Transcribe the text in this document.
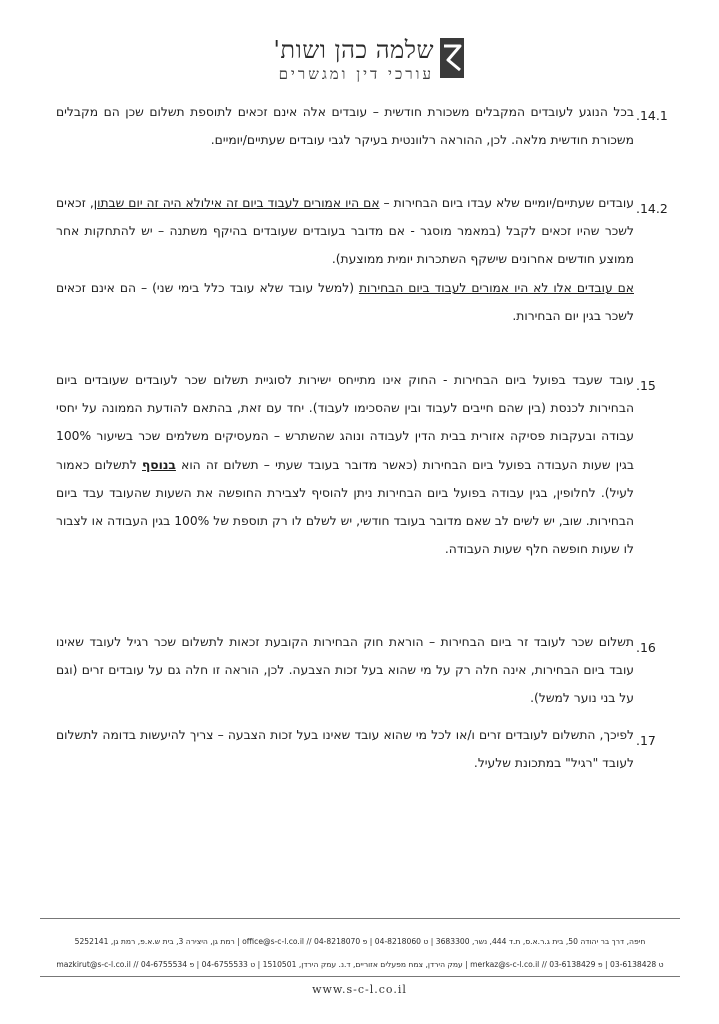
שלמה כהן ושות'
עורכי דין ומגשרים
.14.1

בכל הנוגע לעובדים המקבלים משכורת חודשית – עובדים אלה אינם זכאים לתוספת תשלום שכן הם מקבלים משכורת חודשית מלאה. לכן, ההוראה רלוונטית בעיקר לגבי עובדים שעתיים/יומיים.

.14.2

עובדים שעתיים/יומיים שלא עבדו ביום הבחירות – אם היו אמורים לעבוד ביום זה אילולא היה זה יום שבתון, זכאים לשכר שהיו זכאים לקבל (במאמר מוסגר - אם מדובר בעובדים שעובדים בהיקף משתנה – יש להתחקות אחר ממוצע חודשים אחרונים שישקף השתכרות יומית ממוצעת).

אם עובדים אלו לא היו אמורים לעבוד ביום הבחירות (למשל עובד שלא עובד כלל בימי שני) – הם אינם זכאים לשכר בגין יום הבחירות.

.15

עובד שעבד בפועל ביום הבחירות - החוק אינו מתייחס ישירות לסוגיית תשלום שכר לעובדים שעובדים ביום הבחירות לכנסת (בין שהם חייבים לעבוד ובין שהסכימו לעבוד). יחד עם זאת, בהתאם להודעת הממונה על יחסי עבודה ובעקבות פסיקה אזורית בבית הדין לעבודה ונוהג שהשתרש – המעסיקים משלמים שכר בשיעור 100% בגין שעות העבודה בפועל ביום הבחירות (כאשר מדובר בעובד שעתי – תשלום זה הוא בנוסף לתשלום כאמור לעיל). לחלופין, בגין עבודה בפועל ביום הבחירות ניתן להוסיף לצבירת החופשה את השעות שהעובד עבד ביום הבחירות. שוב, יש לשים לב שאם מדובר בעובד חודשי, יש לשלם לו רק תוספת של 100% בגין העבודה או לצבור לו שעות חופשה חלף שעות העבודה.

.16

תשלום שכר לעובד זר ביום הבחירות – הוראת חוק הבחירות הקובעת זכאות לתשלום שכר רגיל לעובד שאינו עובד ביום הבחירות, אינה חלה רק על מי שהוא בעל זכות הצבעה. לכן, הוראה זו חלה גם על עובדים זרים (וגם על בני נוער למשל).

.17

לפיכך, התשלום לעובדים זרים ו/או לכל מי שהוא עובד שאינו בעל זכות הצבעה – צריך להיעשות בדומה לתשלום לעובד "רגיל" במתכונת שלעיל.

חיפה, דרך בר יהודה 50, בית ג.ר.א.ס, ת.ד 444, נשר, 3683300 | ט 04-8218060 | פ 04-8218070 // office@s-c-l.co.il | רמת גן, היצירה 3, בית ש.א.פ, רמת גן, 5252141
ט 03-6138428 | פ 03-6138429 // merkaz@s-c-l.co.il | עמק הירדן, צמח מפעלים אזוריים, ד.נ. עמק הירדן, 1510501 | ט 04-6755533 | פ 04-6755534 // mazkirut@s-c-l.co.il
www.s-c-l.co.il
